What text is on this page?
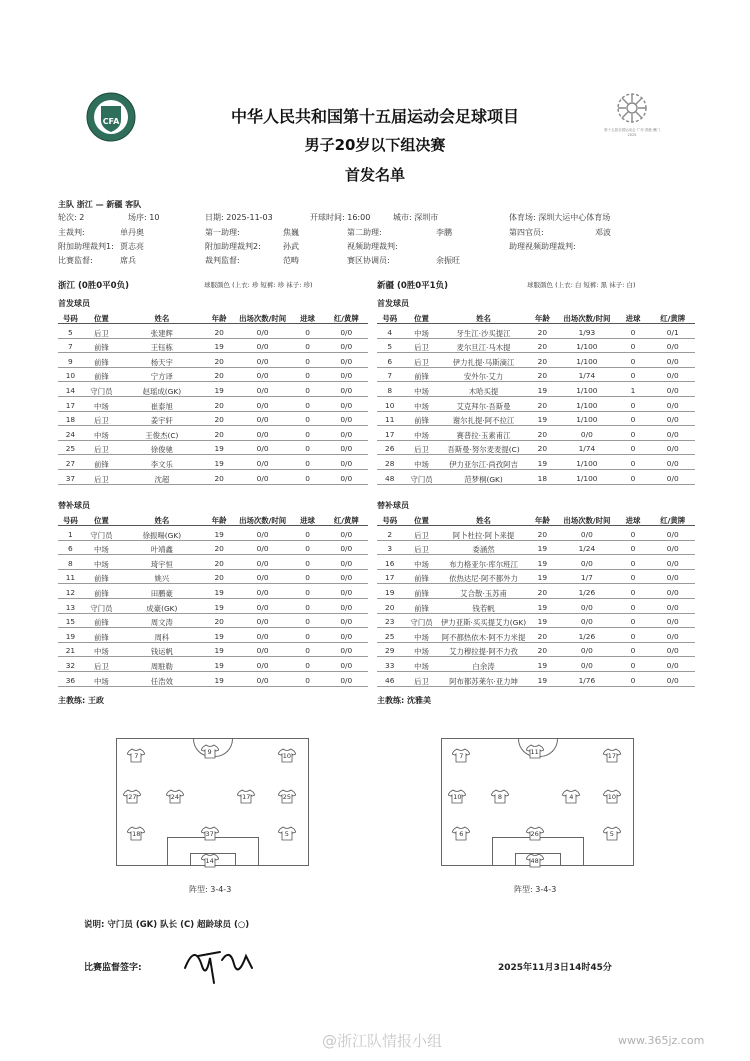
CFA
第十五届全国运动会 广东·香港·澳门 2025
中华人民共和国第十五届运动会足球项目
男子20岁以下组决赛
首发名单
主队 浙江 — 新疆 客队
轮次: 2	场序: 10	日期: 2025-11-03	开球时间: 16:00	城市: 深圳市	体育场: 深圳大运中心体育场
主裁判:	单丹奥	第一助理:	焦巍	第二助理:	李鹏	第四官员:	邓波
附加助理裁判1: 贾志亮	附加助理裁判2:	孙武	视频助理裁判:	助理视频助理裁判:
比赛监督:	席兵	裁判监督:	范畴	赛区协调员:	余振旺
浙江 (0胜0平0负)	球服颜色 (上衣: 珍 短裤: 珍 袜子: 珍)	新疆 (0胜0平1负)	球服颜色 (上衣: 白 短裤: 黑 袜子: 白)
首发球员	首发球员
号码	位置	姓名	年龄	出场次数/时间	进球	红/黄牌
5	后卫	张建辉	20	0/0	0	0/0
7	前锋	王钰栋	19	0/0	0	0/0
9	前锋	杨天宇	20	0/0	0	0/0
10	前锋	宁方译	20	0/0	0	0/0
14	守门员	赵瑶成(GK)	19	0/0	0	0/0
17	中场	崔泰旭	20	0/0	0	0/0
18	后卫	姜宇轩	20	0/0	0	0/0
24	中场	王俊杰(C)	20	0/0	0	0/0
25	后卫	徐俊驰	19	0/0	0	0/0
27	前锋	李文乐	19	0/0	0	0/0
37	后卫	沈超	20	0/0	0	0/0
号码	位置	姓名	年龄	出场次数/时间	进球	红/黄牌
4	中场	牙生江·沙买提江	20	1/93	0	0/1
5	后卫	麦尔旦江·马木提	20	1/100	0	0/0
6	后卫	伊力扎提·马斯滴江	20	1/100	0	0/0
7	前锋	安外尔·艾力	20	1/74	0	0/0
8	中场	木哈买提	19	1/100	1	0/0
10	中场	艾克拜尔·吾斯曼	20	1/100	0	0/0
11	前锋	谢尔扎提·阿不拉江	19	1/100	0	0/0
17	中场	赛普拉·玉素甫江	20	0/0	0	0/0
26	后卫	吾斯曼·努尔麦麦提(C)	20	1/74	0	0/0
28	中场	伊力亚尔江·尚孜阿吉	19	1/100	0	0/0
48	守门员	范梦桐(GK)	18	1/100	0	0/0
替补球员	替补球员
号码	位置	姓名	年龄	出场次数/时间	进球	红/黄牌
1	守门员	徐振暘(GK)	19	0/0	0	0/0
6	中场	叶靖鑫	20	0/0	0	0/0
8	中场	琦宇恒	20	0/0	0	0/0
11	前锋	姚兴	20	0/0	0	0/0
12	前锋	田鹏豪	19	0/0	0	0/0
13	守门员	成豪(GK)	19	0/0	0	0/0
15	前锋	周文涛	20	0/0	0	0/0
19	前锋	周科	19	0/0	0	0/0
21	中场	钱运帆	19	0/0	0	0/0
32	后卫	周駐勒	19	0/0	0	0/0
36	中场	任浩效	19	0/0	0	0/0
号码	位置	姓名	年龄	出场次数/时间	进球	红/黄牌
2	后卫	阿卜杜拉·阿卜来提	20	0/0	0	0/0
3	后卫	委涵然	19	1/24	0	0/0
16	中场	布力格亚尔·库尔班江	19	0/0	0	0/0
17	前锋	依热达尼·阿不都外力	19	1/7	0	0/0
19	前锋	艾合散·玉苏甫	20	1/26	0	0/0
20	前锋	钱若帆	19	0/0	0	0/0
23	守门员	伊力亚斯·买买提艾力(GK)	19	0/0	0	0/0
25	中场	阿不都热依木·阿不力米提	20	1/26	0	0/0
29	中场	艾力穆拉提·阿不力孜	20	0/0	0	0/0
33	中场	白余涛	19	0/0	0	0/0
46	后卫	阿布都苏莱尔·亚力坤	19	1/76	0	0/0
主教练: 王政	主教练: 沈雅美
7	9	10
27	24	17	25
18	37	5
14
7	11	17
10	8	4	10
6	26	5
48
阵型: 3-4-3	阵型: 3-4-3
说明: 守门员 (GK) 队长 (C) 超龄球员 (○)
比赛监督签字:	2025年11月3日14时45分
@浙江队情报小组	www.365jz.com
